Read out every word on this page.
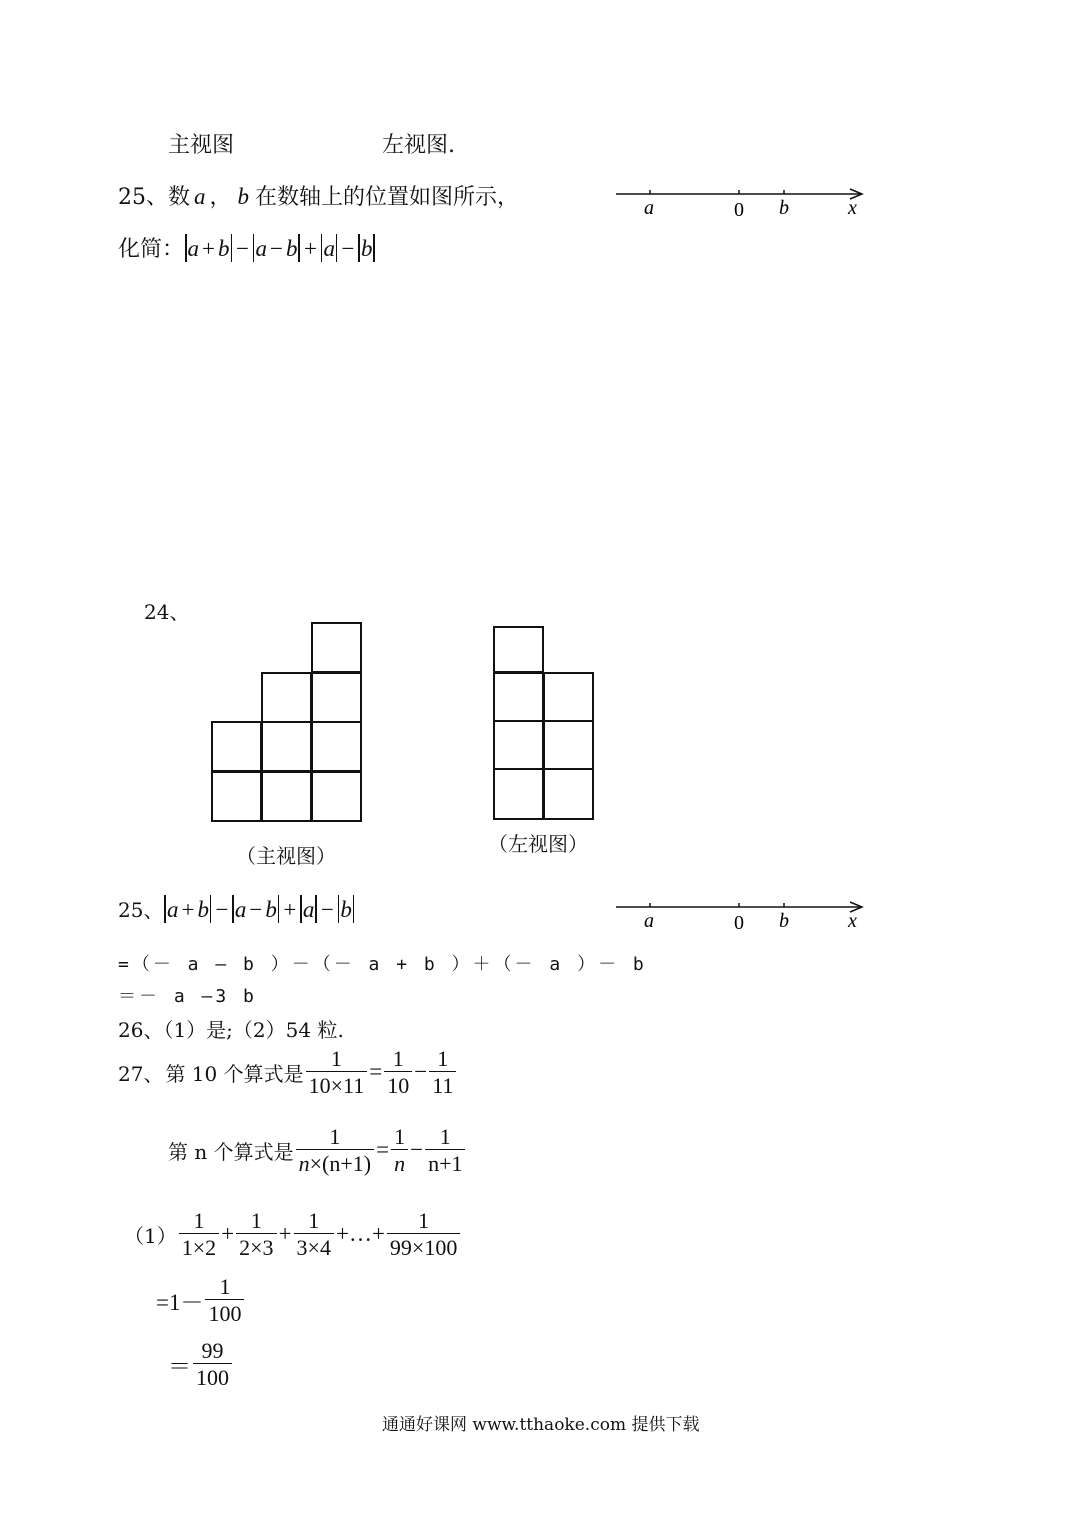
主视图	左视图.
25、数 a ， b 在数轴上的位置如图所示，	a	0 b	x
化简： a + b − a − b + a − b
24、
（主视图）	（左视图）
25、 a + b − a − b + a − b	a	0 b	x
=（－ a — b ）－（－ a + b ）＋（－ a ）－ b
＝－ a —3 b
26、（1）是;（2）54 粒.
27、 第 10 个算式是 $\frac{1}{10\times 11} = \frac{1}{10} - \frac{1}{11}$
第 n 个算式是 $\frac{1}{n\times(n+1)} = \frac{1}{n} - \frac{1}{n+1}$
$(1) \frac{1}{1\times 2} + \frac{1}{2\times 3} + \frac{1}{3\times 4}$ +…+ $\frac{1}{99\times 100}$
$=1- \frac{1}{100}$
＝ $\frac{99}{100}$
通通好课网 www.tthaoke.com 提供下载
